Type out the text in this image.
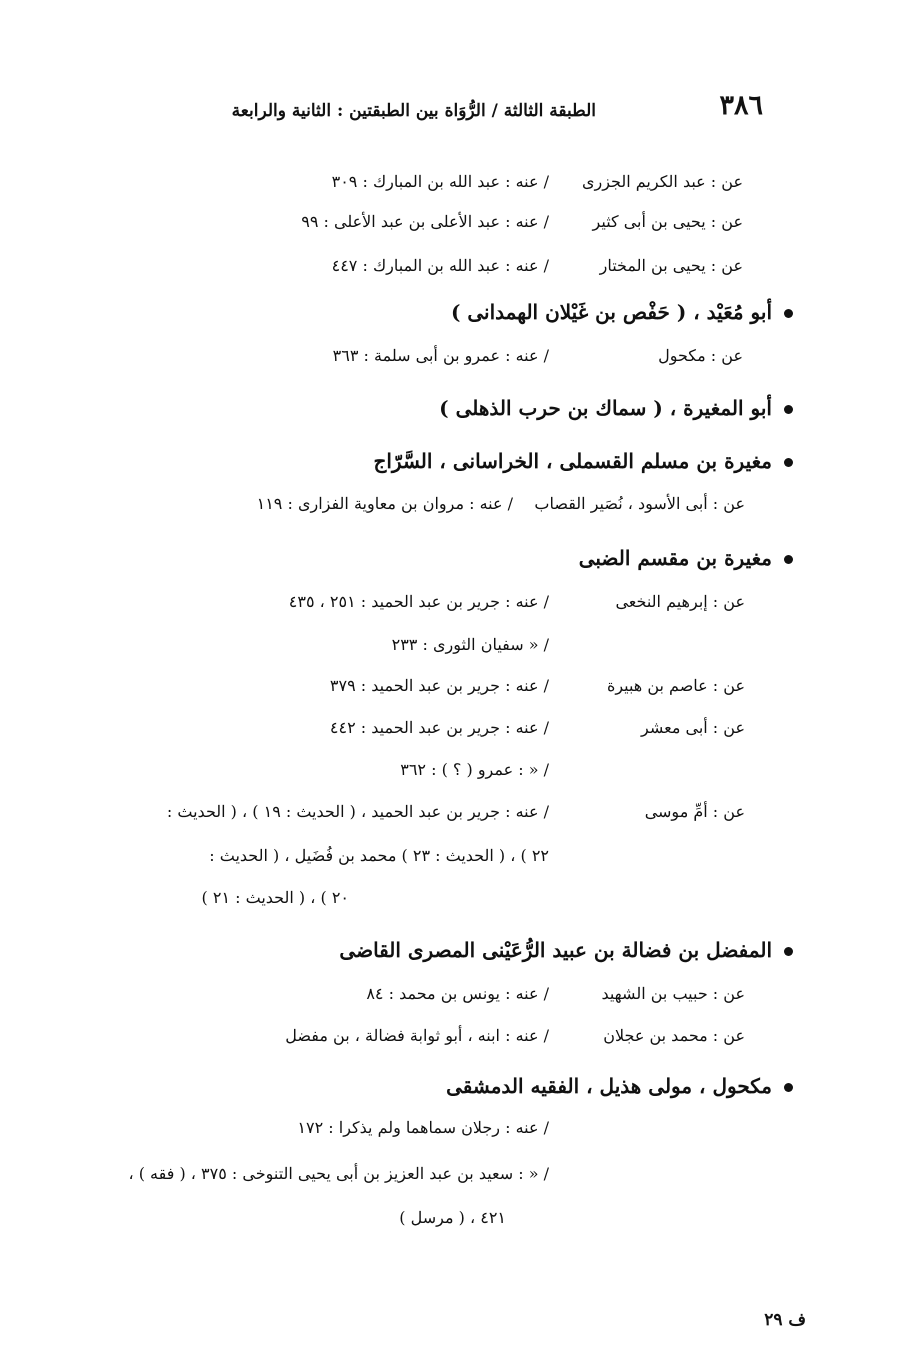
٣٨٦
الطبقة الثالثة / الرُّوَاة بين الطبقتين : الثانية والرابعة
عن : عبد الكريم الجزرى
/ عنه : عبد الله بن المبارك : ٣٠٩
عن : يحيى بن أبى كثير
/ عنه : عبد الأعلى بن عبد الأعلى : ٩٩
عن : يحيى بن المختار
/ عنه : عبد الله بن المبارك : ٤٤٧
أبو مُعَيْد ، ( حَفْص بن غَيْلان الهمدانى )
عن : مكحول
/ عنه : عمرو بن أبى سلمة : ٣٦٣
أبو المغيرة ، ( سماك بن حرب الذهلى )
مغيرة بن مسلم القسملى ، الخراسانى ، السَّرّاج
عن : أبى الأسود ، نُصَير القصاب
/ عنه : مروان بن معاوية الفزارى : ١١٩
مغيرة بن مقسم الضبى
عن : إبرهيم النخعى
/ عنه : جرير بن عبد الحميد : ٢٥١ ، ٤٣٥
/ « سفيان الثورى : ٢٣٣
عن : عاصم بن هبيرة
/ عنه : جرير بن عبد الحميد : ٣٧٩
عن : أبى معشر
/ عنه : جرير بن عبد الحميد : ٤٤٢
/ « : عمرو ( ؟ ) : ٣٦٢
عن : أمِّ موسى
/ عنه : جرير بن عبد الحميد ، ( الحديث : ١٩ ) ، ( الحديث :
٢٢ ) ، ( الحديث : ٢٣ ) محمد بن فُضَيل ، ( الحديث :
٢٠ ) ، ( الحديث : ٢١ )
المفضل بن فضالة بن عبيد الرُّعَيْنى المصرى القاضى
عن : حبيب بن الشهيد
/ عنه : يونس بن محمد : ٨٤
عن : محمد بن عجلان
/ عنه : ابنه ، أبو ثوابة فضالة ، بن مفضل
مكحول ، مولى هذيل ، الفقيه الدمشقى
/ عنه : رجلان سماهما ولم يذكرا : ١٧٢
/ « : سعيد بن عبد العزيز بن أبى يحيى التنوخى : ٣٧٥ ، ( فقه ) ،
٤٢١ ، ( مرسل )
ف ٢٩
